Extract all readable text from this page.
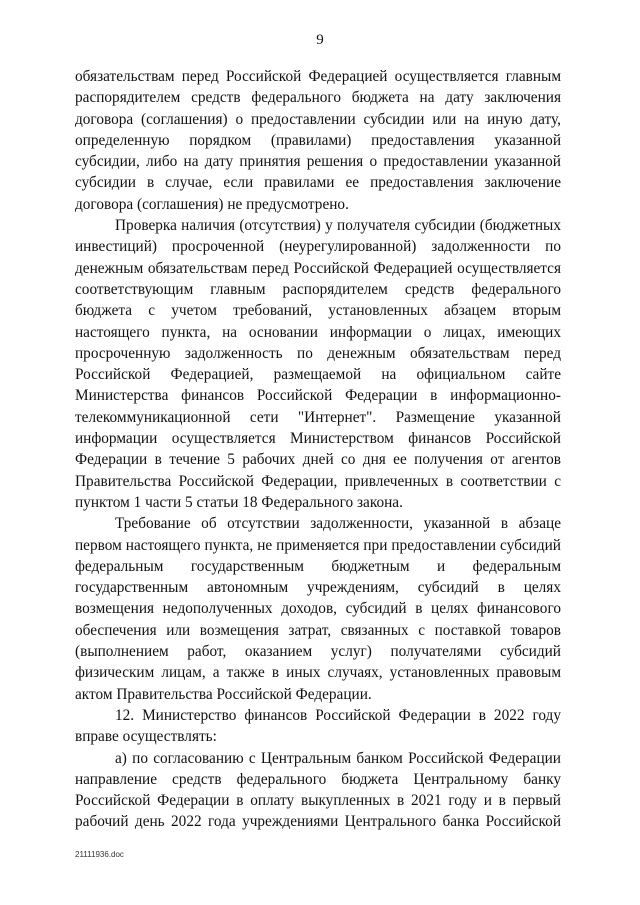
9

обязательствам перед Российской Федерацией осуществляется главным распорядителем средств федерального бюджета на дату заключения договора (соглашения) о предоставлении субсидии или на иную дату, определенную порядком (правилами) предоставления указанной субсидии, либо на дату принятия решения о предоставлении указанной субсидии в случае, если правилами ее предоставления заключение договора (соглашения) не предусмотрено.

Проверка наличия (отсутствия) у получателя субсидии (бюджетных инвестиций) просроченной (неурегулированной) задолженности по денежным обязательствам перед Российской Федерацией осуществляется соответствующим главным распорядителем средств федерального бюджета с учетом требований, установленных абзацем вторым настоящего пункта, на основании информации о лицах, имеющих просроченную задолженность по денежным обязательствам перед Российской Федерацией, размещаемой на официальном сайте Министерства финансов Российской Федерации в информационно-телекоммуникационной сети "Интернет". Размещение указанной информации осуществляется Министерством финансов Российской Федерации в течение 5 рабочих дней со дня ее получения от агентов Правительства Российской Федерации, привлеченных в соответствии с пунктом 1 части 5 статьи 18 Федерального закона.

Требование об отсутствии задолженности, указанной в абзаце первом настоящего пункта, не применяется при предоставлении субсидий федеральным государственным бюджетным и федеральным государственным автономным учреждениям, субсидий в целях возмещения недополученных доходов, субсидий в целях финансового обеспечения или возмещения затрат, связанных с поставкой товаров (выполнением работ, оказанием услуг) получателями субсидий физическим лицам, а также в иных случаях, установленных правовым актом Правительства Российской Федерации.

12. Министерство финансов Российской Федерации в 2022 году вправе осуществлять:

а) по согласованию с Центральным банком Российской Федерации направление средств федерального бюджета Центральному банку Российской Федерации в оплату выкупленных в 2021 году и в первый рабочий день 2022 года учреждениями Центрального банка Российской

21111936.doc
